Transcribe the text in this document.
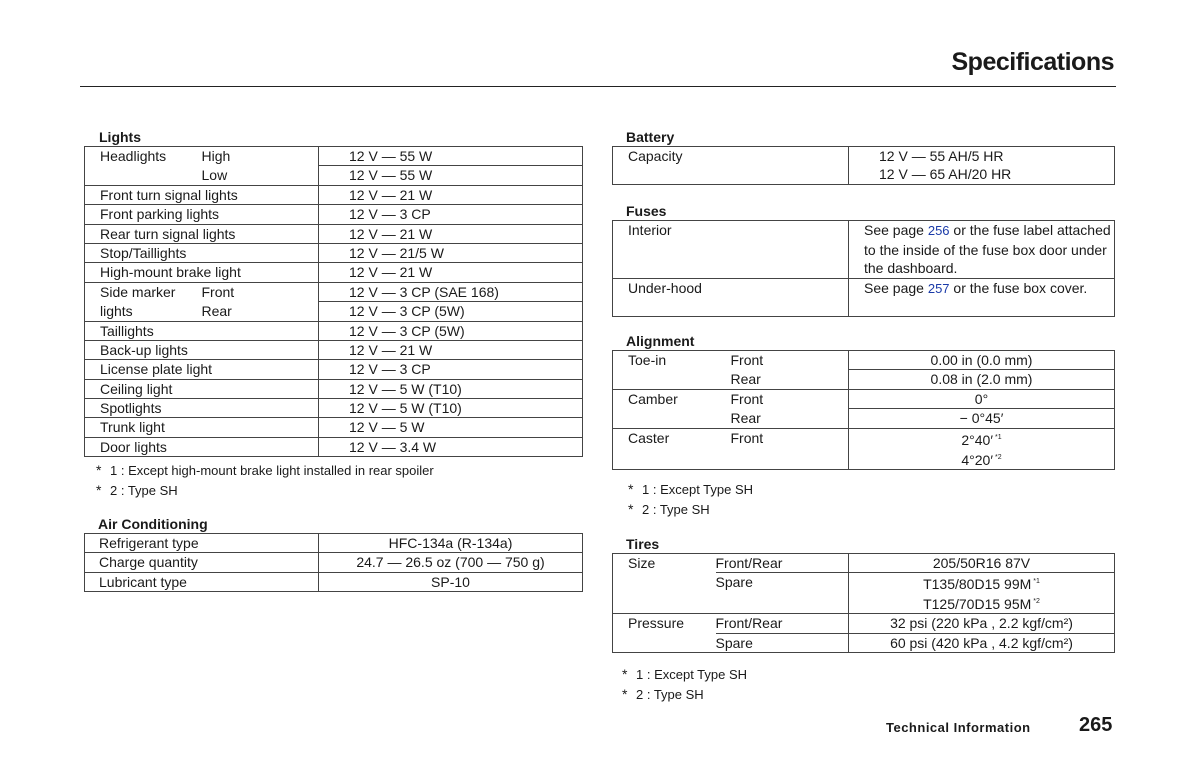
Specifications
Lights
Headlights	High	12 V — 55 W
	Low	12 V — 55 W
Front turn signal lights		12 V — 21 W
Front parking lights		12 V — 3 CP
Rear turn signal lights		12 V — 21 W
Stop/Taillights		12 V — 21/5 W
High-mount brake light		12 V — 21 W
Side marker	Front	12 V — 3 CP (SAE 168)
lights	Rear	12 V — 3 CP (5W)
Taillights		12 V — 3 CP (5W)
Back-up lights		12 V — 21 W
License plate light		12 V — 3 CP
Ceiling light		12 V — 5 W (T10)
Spotlights		12 V — 5 W (T10)
Trunk light		12 V — 5 W
Door lights		12 V — 3.4 W
* 1 : Except high-mount brake light installed in rear spoiler
* 2 : Type SH
Air Conditioning
Refrigerant type	HFC-134a (R-134a)
Charge quantity	24.7 — 26.5 oz (700 — 750 g)
Lubricant type	SP-10
Battery
Capacity	12 V — 55 AH/5 HR
12 V — 65 AH/20 HR
Fuses
Interior	See page 256 or the fuse label attached to the inside of the fuse box door under the dashboard.
Under-hood	See page 257 or the fuse box cover.
Alignment
Toe-in	Front	0.00 in (0.0 mm)
	Rear	0.08 in (2.0 mm)
Camber	Front	0°
	Rear	− 0°45′
Caster	Front	2°40′ $^{*1}$
		4°20′ $^{*2}$
* 1 : Except Type SH
* 2 : Type SH
Tires
Size	Front/Rear	205/50R16 87V
	Spare	T135/80D15 99M $^{*1}$
		T125/70D15 95M $^{*2}$
Pressure	Front/Rear	32 psi (220 kPa , 2.2 kgf/cm²)
	Spare	60 psi (420 kPa , 4.2 kgf/cm²)
* 1 : Except Type SH
* 2 : Type SH
Technical Information 265
